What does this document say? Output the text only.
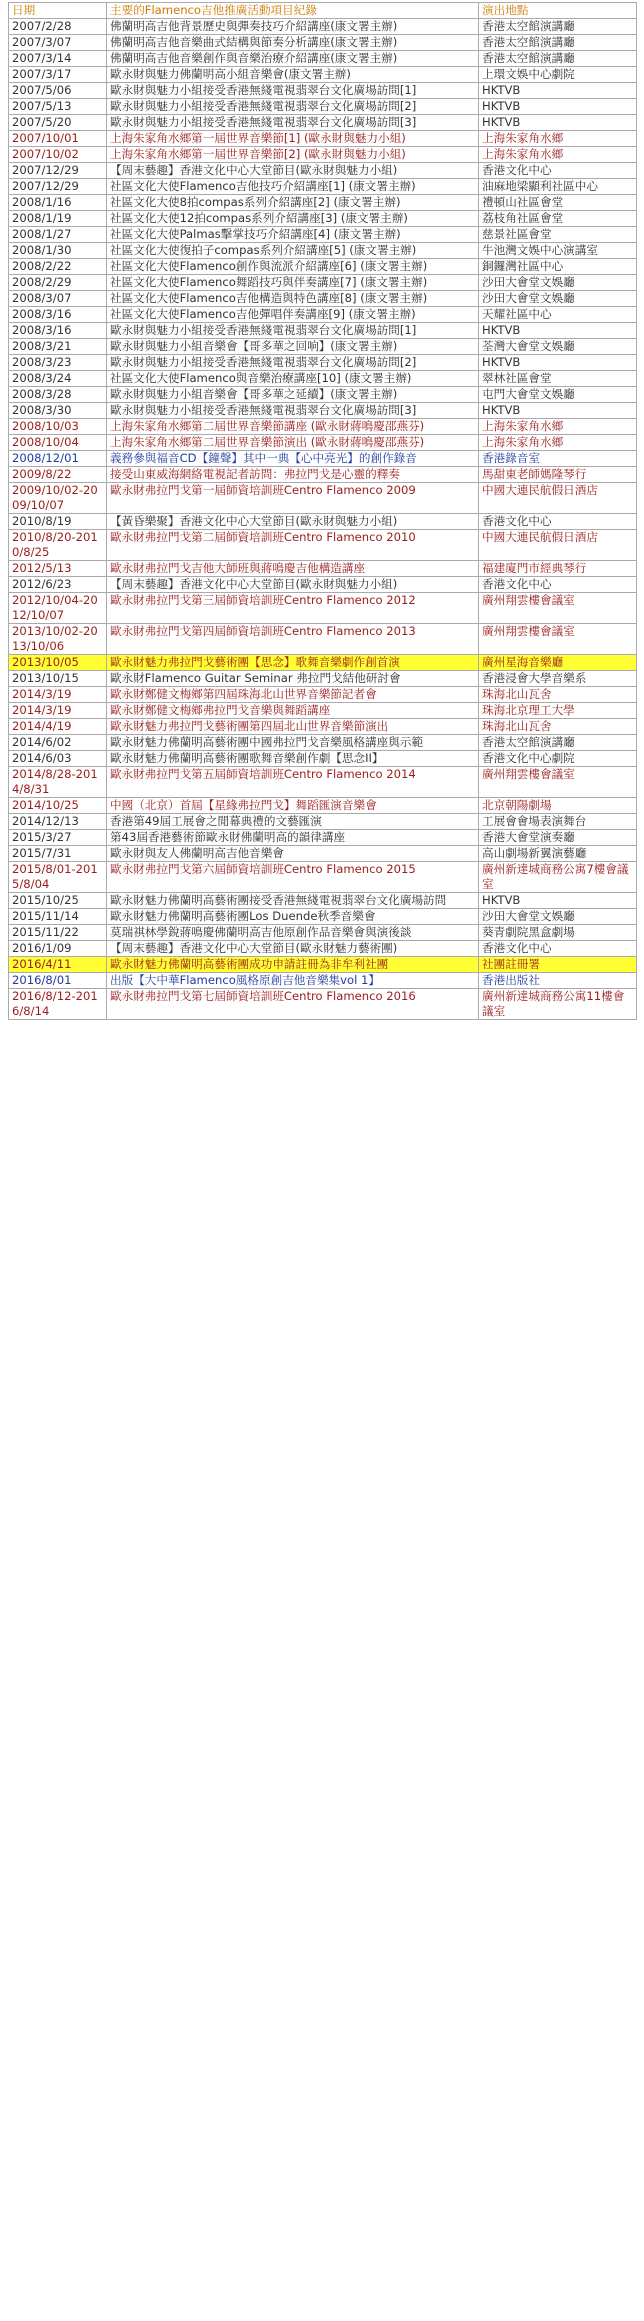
日期	主要的Flamenco吉他推廣活動項目紀錄	演出地點
2007/2/28	佛蘭明高吉他背景歷史與彈奏技巧介紹講座(康文署主辦)	香港太空館演講廳
2007/3/07	佛蘭明高吉他音樂曲式結構與節奏分析講座(康文署主辦)	香港太空館演講廳
2007/3/14	佛蘭明高吉他音樂創作與音樂治療介紹講座(康文署主辦)	香港太空館演講廳
2007/3/17	歐永財與魅力佛蘭明高小組音樂會(康文署主辦)	上環文娛中心劇院
2007/5/06	歐永財與魅力小組接受香港無綫電視翡翠台文化廣場訪問[1]	HKTVB
2007/5/13	歐永財與魅力小組接受香港無綫電視翡翠台文化廣場訪問[2]	HKTVB
2007/5/20	歐永財與魅力小組接受香港無綫電視翡翠台文化廣場訪問[3]	HKTVB
2007/10/01	上海朱家角水鄉第一屆世界音樂節[1] (歐永財與魅力小組)	上海朱家角水鄉
2007/10/02	上海朱家角水鄉第一屆世界音樂節[2] (歐永財與魅力小組)	上海朱家角水鄉
2007/12/29	【周末藝趣】香港文化中心大堂節目(歐永財與魅力小組)	香港文化中心
2007/12/29	社區文化大使Flamenco吉他技巧介紹講座[1] (康文署主辦)	油麻地梁顯利社區中心
2008/1/16	社區文化大使8拍compas系列介紹講座[2] (康文署主辦)	禮頓山社區會堂
2008/1/19	社區文化大使12拍compas系列介紹講座[3] (康文署主辦)	荔枝角社區會堂
2008/1/27	社區文化大使Palmas擊掌技巧介紹講座[4] (康文署主辦)	慈景社區會堂
2008/1/30	社區文化大使復拍子compas系列介紹講座[5] (康文署主辦)	牛池灣文娛中心演講室
2008/2/22	社區文化大使Flamenco創作與流派介紹講座[6] (康文署主辦)	銅鑼灣社區中心
2008/2/29	社區文化大使Flamenco舞蹈技巧與伴奏講座[7] (康文署主辦)	沙田大會堂文娛廳
2008/3/07	社區文化大使Flamenco吉他構造與特色講座[8] (康文署主辦)	沙田大會堂文娛廳
2008/3/16	社區文化大使Flamenco吉他彈唱伴奏講座[9] (康文署主辦)	天耀社區中心
2008/3/16	歐永財與魅力小組接受香港無綫電視翡翠台文化廣場訪問[1]	HKTVB
2008/3/21	歐永財與魅力小組音樂會【哥多華之回响】(康文署主辦)	荃灣大會堂文娛廳
2008/3/23	歐永財與魅力小組接受香港無綫電視翡翠台文化廣場訪問[2]	HKTVB
2008/3/24	社區文化大使Flamenco與音樂治療講座[10] (康文署主辦)	翠林社區會堂
2008/3/28	歐永財與魅力小組音樂會【哥多華之延續】(康文署主辦)	屯門大會堂文娛廳
2008/3/30	歐永財與魅力小組接受香港無綫電視翡翠台文化廣場訪問[3]	HKTVB
2008/10/03	上海朱家角水鄉第二屆世界音樂節講座 (歐永財蔣鳴慶邵燕芬)	上海朱家角水鄉
2008/10/04	上海朱家角水鄉第二屆世界音樂節演出 (歐永財蔣鳴慶邵燕芬)	上海朱家角水鄉
2008/12/01	義務參與福音CD【鐘聲】其中一典【心中亮光】的創作錄音	香港錄音室
2009/8/22	接受山東威海網絡電視記者訪問：弗拉門戈是心靈的釋奏	馬甜東老師媽隆琴行
2009/10/02-2009/10/07	歐永財弗拉門戈第一屆師資培訓班Centro Flamenco 2009	中國大連民航假日酒店
2010/8/19	【黃昏樂聚】香港文化中心大堂節目(歐永財與魅力小組)	香港文化中心
2010/8/20-2010/8/25	歐永財弗拉門戈第二屆師資培訓班Centro Flamenco 2010	中國大連民航假日酒店
2012/5/13	歐永財弗拉門戈吉他大師班與蔣鳴慶吉他構造講座	福建廈門市經典琴行
2012/6/23	【周末藝趣】香港文化中心大堂節目(歐永財與魅力小組)	香港文化中心
2012/10/04-2012/10/07	歐永財弗拉門戈第三屆師資培訓班Centro Flamenco 2012	廣州翔雲樓會議室
2013/10/02-2013/10/06	歐永財弗拉門戈第四屆師資培訓班Centro Flamenco 2013	廣州翔雲樓會議室
2013/10/05	歐永財魅力弗拉門戈藝術團【思念】歌舞音樂劇作創首演	廣州星海音樂廳
2013/10/15	歐永財Flamenco Guitar Seminar 弗拉門戈結他研討會	香港浸會大學音樂系
2014/3/19	歐永財鄭健文梅鄉第四屆珠海北山世界音樂節記者會	珠海北山瓦舍
2014/3/19	歐永財鄭健文梅鄉弗拉門戈音樂與舞蹈講座	珠海北京理工大學
2014/4/19	歐永財魅力弗拉門戈藝術團第四屆北山世界音樂節演出	珠海北山瓦舍
2014/6/02	歐永財魅力佛蘭明高藝術團中國弗拉門戈音樂風格講座與示範	香港太空館演講廳
2014/6/03	歐永財魅力佛蘭明高藝術團歌舞音樂創作劇【思念II】	香港文化中心劇院
2014/8/28-2014/8/31	歐永財弗拉門戈第五屆師資培訓班Centro Flamenco 2014	廣州翔雲樓會議室
2014/10/25	中國（北京）首屆【星緣弗拉門戈】舞蹈匯演音樂會	北京朝陽劇場
2014/12/13	香港第49屆工展會之閒幕典禮的文藝匯演	工展會會場表演舞台
2015/3/27	第43屆香港藝術節歐永財佛蘭明高的韻律講座	香港大會堂演奏廳
2015/7/31	歐永財與友人佛蘭明高吉他音樂會	高山劇場新翼演藝廳
2015/8/01-2015/8/04	歐永財弗拉門戈第六屆師資培訓班Centro Flamenco 2015	廣州新達城商務公寓7樓會議室
2015/10/25	歐永財魅力佛蘭明高藝術團接受香港無綫電視翡翠台文化廣場訪問	HKTVB
2015/11/14	歐永財魅力佛蘭明高藝術團Los Duende秋季音樂會	沙田大會堂文娛廳
2015/11/22	莫瑞祺林學銳蔣鳴慶佛蘭明高吉他原創作品音樂會與演後談	葵青劇院黑盒劇場
2016/1/09	【周末藝趣】香港文化中心大堂節目(歐永財魅力藝術團)	香港文化中心
2016/4/11	歐永財魅力佛蘭明高藝術團成功申請註冊為非牟利社團	社團註冊署
2016/8/01	出版【大中華Flamenco風格原創吉他音樂集vol 1】	香港出版社
2016/8/12-2016/8/14	歐永財弗拉門戈第七屆師資培訓班Centro Flamenco 2016	廣州新達城商務公寓11樓會議室
